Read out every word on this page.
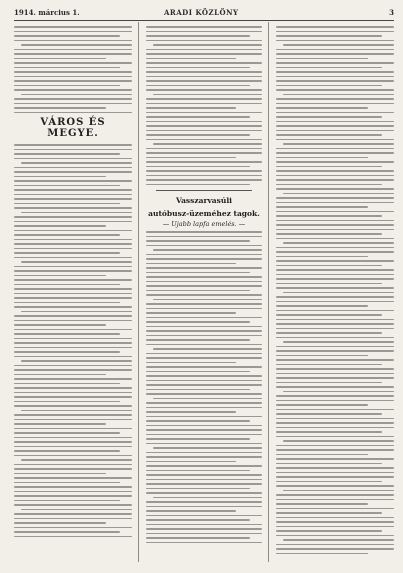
1914. március 1.	ARADI KÖZLÖNY	3
VÁROS ÉS MEGYE.
Vasszarvasúli
autóbusz-üzeméhez tagok.
— Ujabb lapfa emelés. —
